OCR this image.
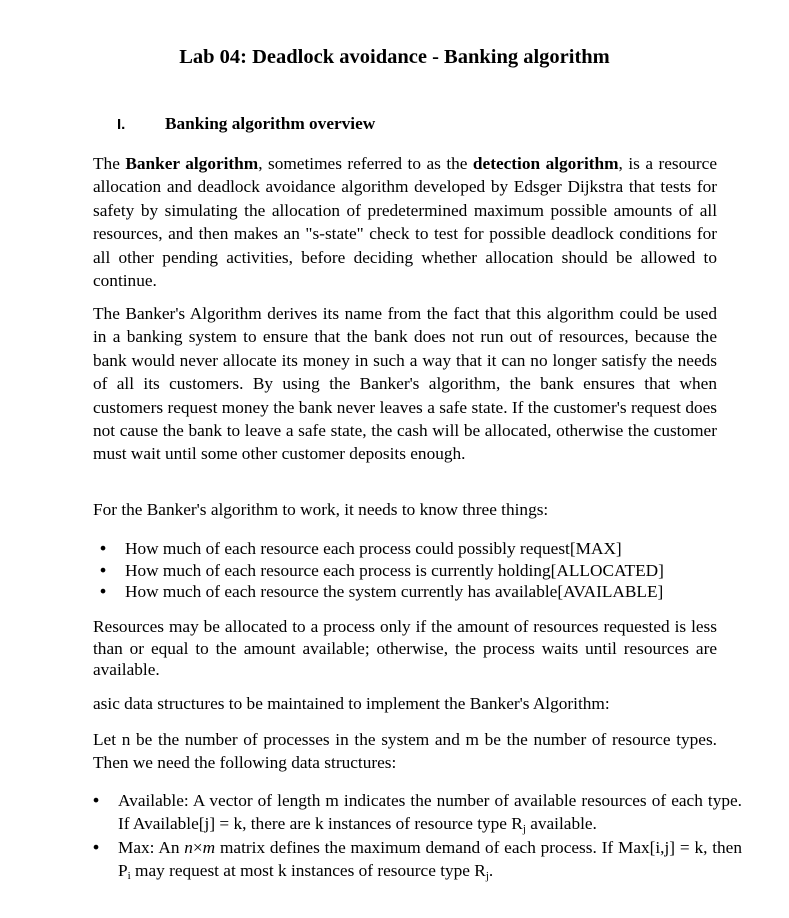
Lab 04: Deadlock avoidance - Banking algorithm
I. Banking algorithm overview

The Banker algorithm, sometimes referred to as the detection algorithm, is a resource allocation and deadlock avoidance algorithm developed by Edsger Dijkstra that tests for safety by simulating the allocation of predetermined maximum possible amounts of all resources, and then makes an "s-state" check to test for possible deadlock conditions for all other pending activities, before deciding whether allocation should be allowed to continue.

The Banker's Algorithm derives its name from the fact that this algorithm could be used in a banking system to ensure that the bank does not run out of resources, because the bank would never allocate its money in such a way that it can no longer satisfy the needs of all its customers. By using the Banker's algorithm, the bank ensures that when customers request money the bank never leaves a safe state. If the customer's request does not cause the bank to leave a safe state, the cash will be allocated, otherwise the customer must wait until some other customer deposits enough.

For the Banker's algorithm to work, it needs to know three things:

• How much of each resource each process could possibly request[MAX]
• How much of each resource each process is currently holding[ALLOCATED]
• How much of each resource the system currently has available[AVAILABLE]

Resources may be allocated to a process only if the amount of resources requested is less than or equal to the amount available; otherwise, the process waits until resources are available.

asic data structures to be maintained to implement the Banker's Algorithm:

Let n be the number of processes in the system and m be the number of resource types. Then we need the following data structures:

• Available: A vector of length m indicates the number of available resources of each type. If Available[j] = k, there are k instances of resource type $R_j$ available.
• Max: An n×m matrix defines the maximum demand of each process. If Max[i,j] = k, then $P_i$ may request at most k instances of resource type $R_j$.
